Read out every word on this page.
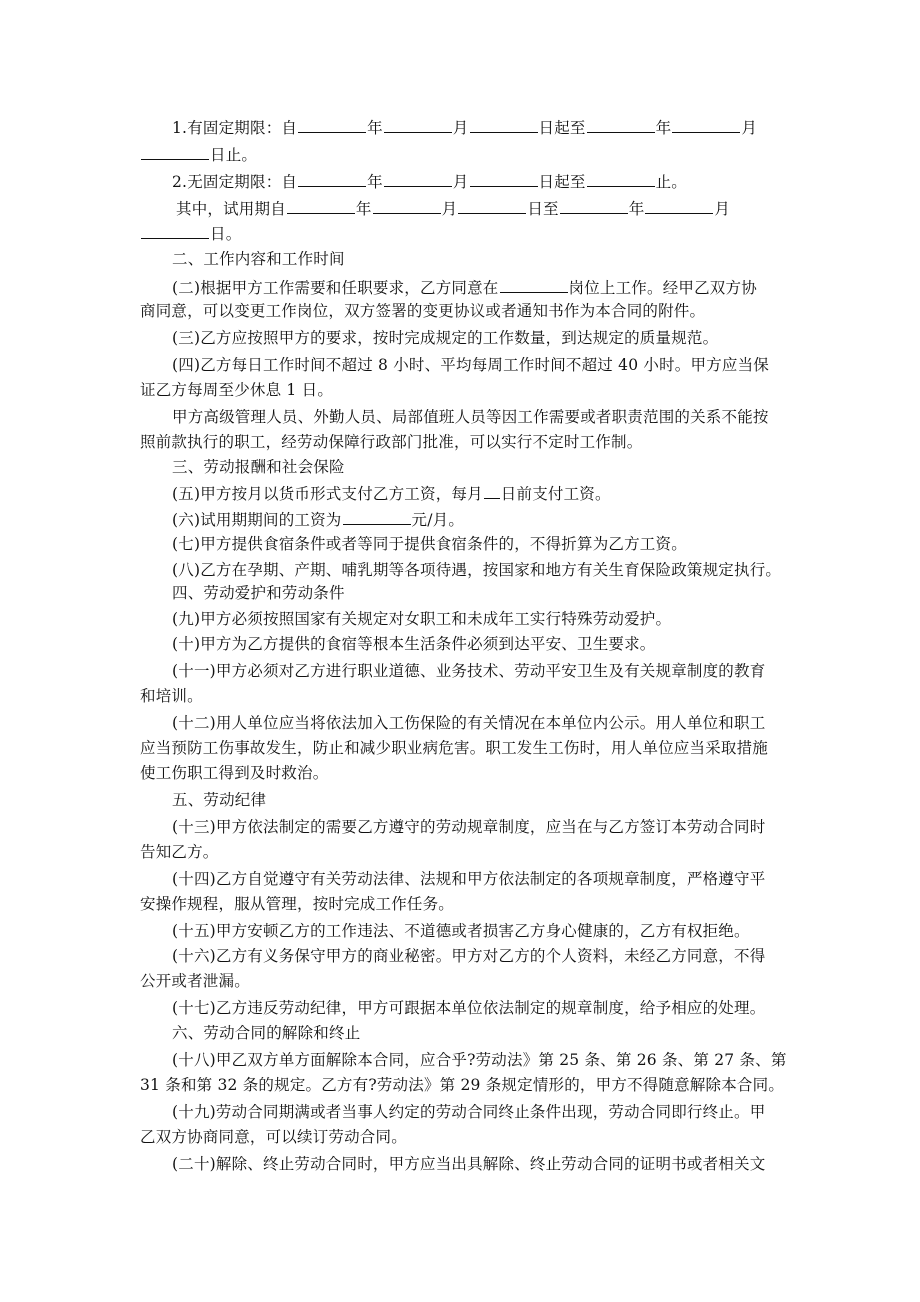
1.有固定期限：自	年	月	日起至	年	月
日止。
2.无固定期限：自	年	月	日起至	止。
其中，试用期自	年	月	日至	年	月
日。
二、工作内容和工作时间
(二)根据甲方工作需要和任职要求，乙方同意在	岗位上工作。经甲乙双方协
商同意，可以变更工作岗位，双方签署的变更协议或者通知书作为本合同的附件。
(三)乙方应按照甲方的要求，按时完成规定的工作数量，到达规定的质量规范。
(四)乙方每日工作时间不超过 8 小时、平均每周工作时间不超过 40 小时。甲方应当保
证乙方每周至少休息 1 日。
甲方高级管理人员、外勤人员、局部值班人员等因工作需要或者职责范围的关系不能按
照前款执行的职工，经劳动保障行政部门批准，可以实行不定时工作制。
三、劳动报酬和社会保险
(五)甲方按月以货币形式支付乙方工资，每月 日前支付工资。
(六)试用期期间的工资为	元/月。
(七)甲方提供食宿条件或者等同于提供食宿条件的，不得折算为乙方工资。
(八)乙方在孕期、产期、哺乳期等各项待遇，按国家和地方有关生育保险政策规定执行。
四、劳动爱护和劳动条件
(九)甲方必须按照国家有关规定对女职工和未成年工实行特殊劳动爱护。
(十)甲方为乙方提供的食宿等根本生活条件必须到达平安、卫生要求。
(十一)甲方必须对乙方进行职业道德、业务技术、劳动平安卫生及有关规章制度的教育
和培训。
(十二)用人单位应当将依法加入工伤保险的有关情况在本单位内公示。用人单位和职工
应当预防工伤事故发生，防止和减少职业病危害。职工发生工伤时，用人单位应当采取措施
使工伤职工得到及时救治。
五、劳动纪律
(十三)甲方依法制定的需要乙方遵守的劳动规章制度，应当在与乙方签订本劳动合同时
告知乙方。
(十四)乙方自觉遵守有关劳动法律、法规和甲方依法制定的各项规章制度，严格遵守平
安操作规程，服从管理，按时完成工作任务。
(十五)甲方安顿乙方的工作违法、不道德或者损害乙方身心健康的，乙方有权拒绝。
(十六)乙方有义务保守甲方的商业秘密。甲方对乙方的个人资料，未经乙方同意，不得
公开或者泄漏。
(十七)乙方违反劳动纪律，甲方可跟据本单位依法制定的规章制度，给予相应的处理。
六、劳动合同的解除和终止
(十八)甲乙双方单方面解除本合同，应合乎?劳动法》第 25 条、第 26 条、第 27 条、第
31 条和第 32 条的规定。乙方有?劳动法》第 29 条规定情形的，甲方不得随意解除本合同。
(十九)劳动合同期满或者当事人约定的劳动合同终止条件出现，劳动合同即行终止。甲
乙双方协商同意，可以续订劳动合同。
(二十)解除、终止劳动合同时，甲方应当出具解除、终止劳动合同的证明书或者相关文
